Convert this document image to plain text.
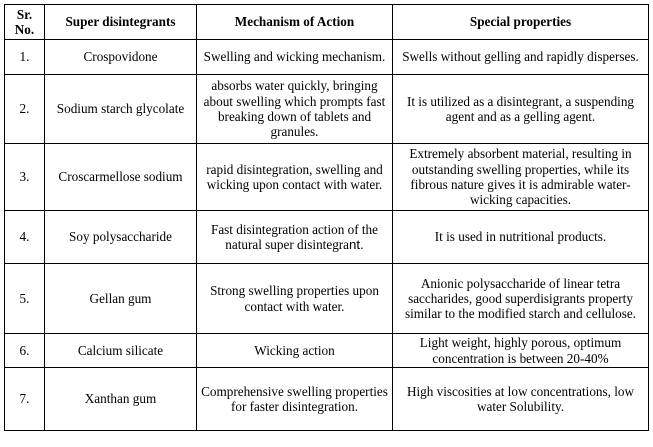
Sr. No.	Super disintegrants	Mechanism of Action	Special properties
1.	Crospovidone	Swelling and wicking mechanism.	Swells without gelling and rapidly disperses.
2.	Sodium starch glycolate	absorbs water quickly, bringing about swelling which prompts fast breaking down of tablets and granules.	It is utilized as a disintegrant, a suspending agent and as a gelling agent.
3.	Croscarmellose sodium	rapid disintegration, swelling and wicking upon contact with water.	Extremely absorbent material, resulting in outstanding swelling properties, while its fibrous nature gives it is admirable water-wicking capacities.
4.	Soy polysaccharide	Fast disintegration action of the natural super disintegrant.	It is used in nutritional products.
5.	Gellan gum	Strong swelling properties upon contact with water.	Anionic polysaccharide of linear tetra saccharides, good superdisigrants property similar to the modified starch and cellulose.
6.	Calcium silicate	Wicking action	Light weight, highly porous, optimum concentration is between 20-40%
7.	Xanthan gum	Comprehensive swelling properties for faster disintegration.	High viscosities at low concentrations, low water Solubility.
